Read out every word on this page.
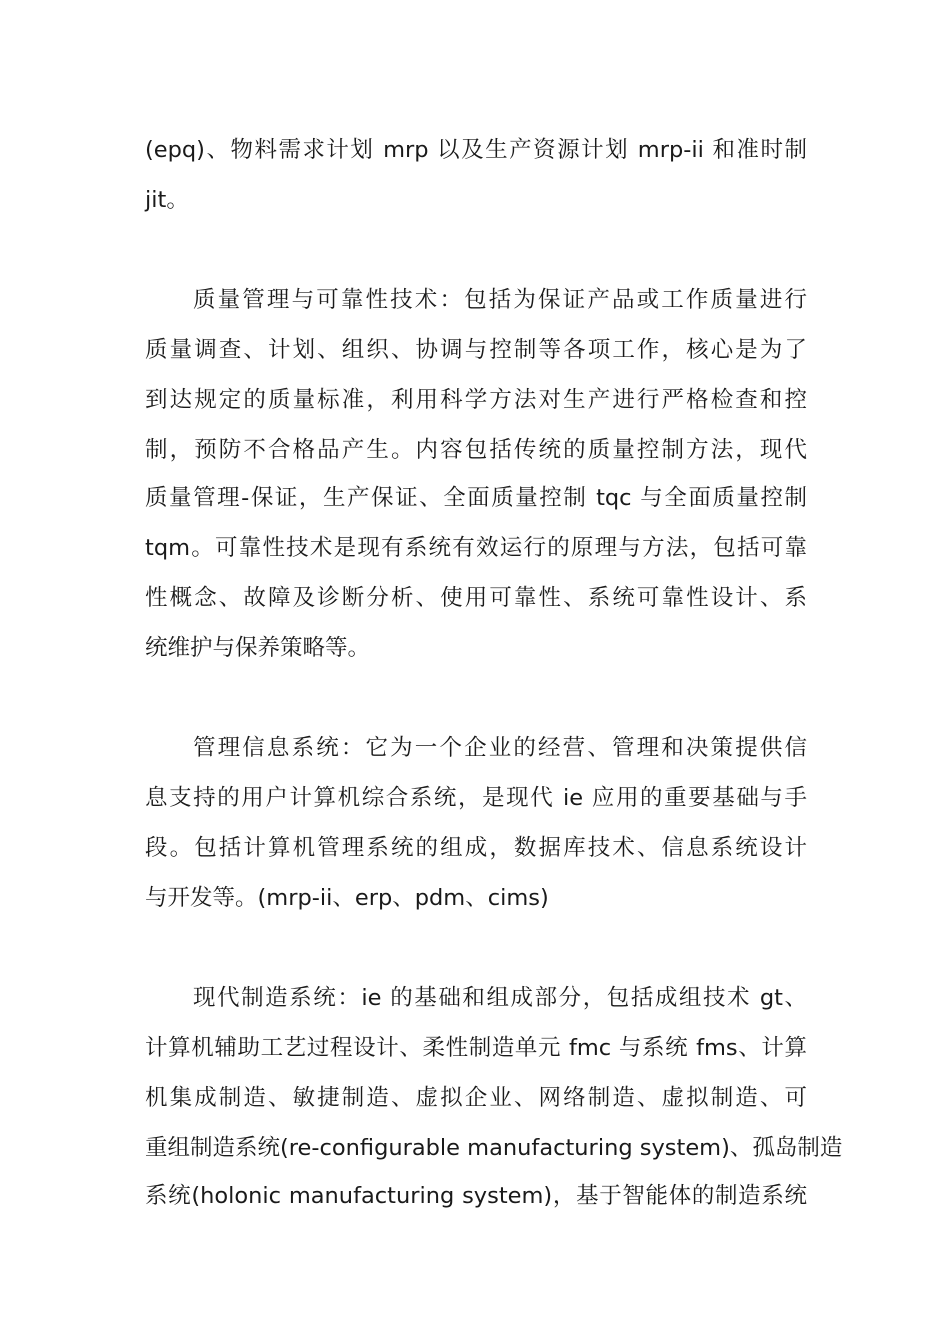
(epq)、物料需求计划 mrp 以及生产资源计划 mrp-ii 和准时制
jit。
质量管理与可靠性技术：包括为保证产品或工作质量进行
质量调查、计划、组织、协调与控制等各项工作，核心是为了
到达规定的质量标准，利用科学方法对生产进行严格检查和控
制，预防不合格品产生。内容包括传统的质量控制方法，现代
质量管理-保证，生产保证、全面质量控制 tqc 与全面质量控制
tqm。可靠性技术是现有系统有效运行的原理与方法，包括可靠
性概念、故障及诊断分析、使用可靠性、系统可靠性设计、系
统维护与保养策略等。
管理信息系统：它为一个企业的经营、管理和决策提供信
息支持的用户计算机综合系统，是现代 ie 应用的重要基础与手
段。包括计算机管理系统的组成，数据库技术、信息系统设计
与开发等。(mrp-ii、erp、pdm、cims)
现代制造系统：ie 的基础和组成部分，包括成组技术 gt、
计算机辅助工艺过程设计、柔性制造单元 fmc 与系统 fms、计算
机集成制造、敏捷制造、虚拟企业、网络制造、虚拟制造、可
重组制造系统(re-configurable manufacturing system)、孤岛制造
系统(holonic manufacturing system)，基于智能体的制造系统
